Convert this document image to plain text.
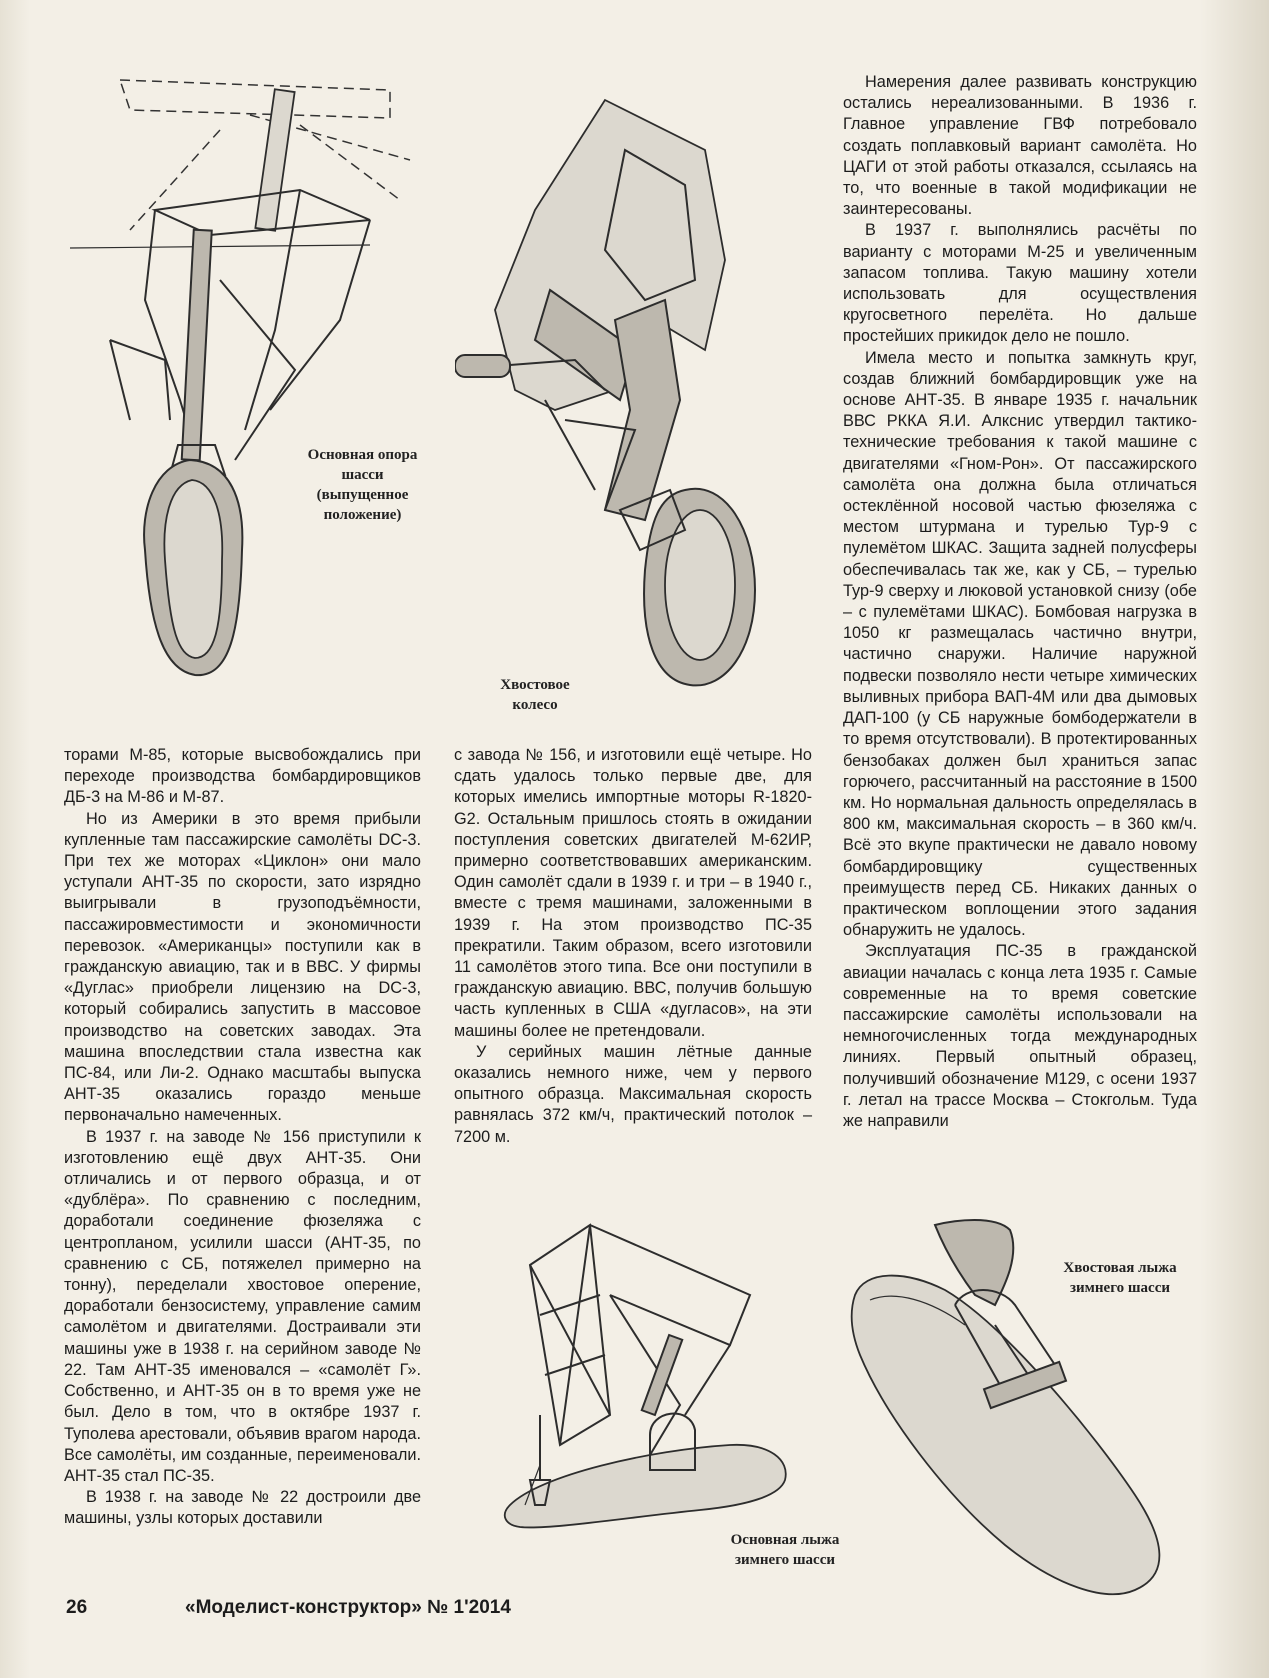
Основная опора шасси (выпущенное положение)
Хвостовое колесо

Намерения далее развивать конструкцию остались нереализованными. В 1936 г. Главное управление ГВФ потребовало создать поплавковый вариант самолёта. Но ЦАГИ от этой работы отказался, ссылаясь на то, что военные в такой модификации не заинтересованы.

В 1937 г. выполнялись расчёты по варианту с моторами М-25 и увеличенным запасом топлива. Такую машину хотели использовать для осуществления кругосветного перелёта. Но дальше простейших прикидок дело не пошло.

Имела место и попытка замкнуть круг, создав ближний бомбардировщик уже на основе АНТ-35. В январе 1935 г. начальник ВВС РККА Я.И. Алкснис утвердил тактико-технические требования к такой машине с двигателями «Гном-Рон». От пассажирского самолёта она должна была отличаться остеклённой носовой частью фюзеляжа с местом штурмана и турелью Тур-9 с пулемётом ШКАС. Защита задней полусферы обеспечивалась так же, как у СБ, – турелью Тур-9 сверху и люковой установкой снизу (обе – с пулемётами ШКАС). Бомбовая нагрузка в 1050 кг размещалась частично внутри, частично снаружи. Наличие наружной подвески позволяло нести четыре химических выливных прибора ВАП-4М или два дымовых ДАП-100 (у СБ наружные бомбодержатели в то время отсутствовали). В протектированных бензобаках должен был храниться запас горючего, рассчитанный на расстояние в 1500 км. Но нормальная дальность определялась в 800 км, максимальная скорость – в 360 км/ч. Всё это вкупе практически не давало новому бомбардировщику существенных преимуществ перед СБ. Никаких данных о практическом воплощении этого задания обнаружить не удалось.

Эксплуатация ПС-35 в гражданской авиации началась с конца лета 1935 г. Самые современные на то время советские пассажирские самолёты использовали на немногочисленных тогда международных линиях. Первый опытный образец, получивший обозначение М129, с осени 1937 г. летал на трассе Москва – Стокгольм. Туда же направили

торами М-85, которые высвобождались при переходе производства бомбардировщиков ДБ-3 на М-86 и М-87.

Но из Америки в это время прибыли купленные там пассажирские самолёты DC-3. При тех же моторах «Циклон» они мало уступали АНТ-35 по скорости, зато изрядно выигрывали в грузоподъёмности, пассажировместимости и экономичности перевозок. «Американцы» поступили как в гражданскую авиацию, так и в ВВС. У фирмы «Дуглас» приобрели лицензию на DC-3, который собирались запустить в массовое производство на советских заводах. Эта машина впоследствии стала известна как ПС-84, или Ли-2. Однако масштабы выпуска АНТ-35 оказались гораздо меньше первоначально намеченных.

В 1937 г. на заводе № 156 приступили к изготовлению ещё двух АНТ-35. Они отличались и от первого образца, и от «дублёра». По сравнению с последним, доработали соединение фюзеляжа с центропланом, усилили шасси (АНТ-35, по сравнению с СБ, потяжелел примерно на тонну), переделали хвостовое оперение, доработали бензосистему, управление самим самолётом и двигателями. Достраивали эти машины уже в 1938 г. на серийном заводе № 22. Там АНТ-35 именовался – «самолёт Г». Собственно, и АНТ-35 он в то время уже не был. Дело в том, что в октябре 1937 г. Туполева арестовали, объявив врагом народа. Все самолёты, им созданные, переименовали. АНТ-35 стал ПС-35.

В 1938 г. на заводе № 22 достроили две машины, узлы которых доставили

с завода № 156, и изготовили ещё четыре. Но сдать удалось только первые две, для которых имелись импортные моторы R-1820-G2. Остальным пришлось стоять в ожидании поступления советских двигателей М-62ИР, примерно соответствовавших американским. Один самолёт сдали в 1939 г. и три – в 1940 г., вместе с тремя машинами, заложенными в 1939 г. На этом производство ПС-35 прекратили. Таким образом, всего изготовили 11 самолётов этого типа. Все они поступили в гражданскую авиацию. ВВС, получив большую часть купленных в США «дугласов», на эти машины более не претендовали.

У серийных машин лётные данные оказались немного ниже, чем у первого опытного образца. Максимальная скорость равнялась 372 км/ч, практический потолок – 7200 м.

Основная лыжа зимнего шасси
Хвостовая лыжа зимнего шасси
26	«Моделист-конструктор» № 1'2014
